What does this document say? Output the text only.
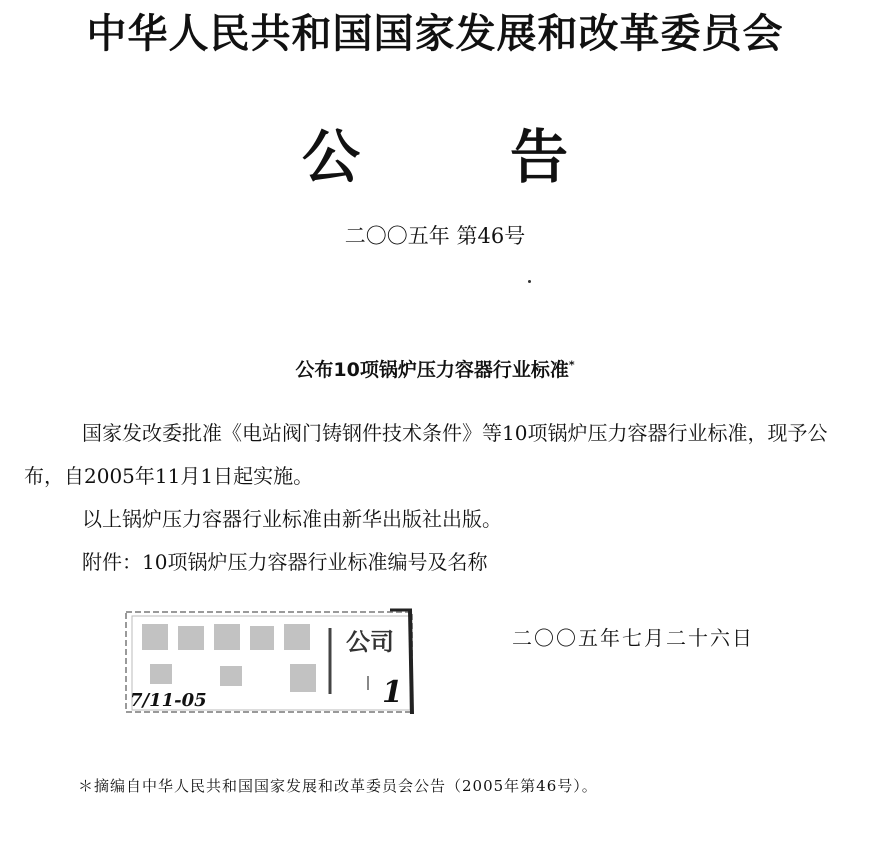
中华人民共和国国家发展和改革委员会
公	告

二〇〇五年 第46号

公布10项锅炉压力容器行业标准*

国家发改委批准《电站阀门铸钢件技术条件》等10项锅炉压力容器行业标准，现予公布，自2005年11月1日起实施。

以上锅炉压力容器行业标准由新华出版社出版。

附件：10项锅炉压力容器行业标准编号及名称

公司
1
7/11-05

二〇〇五年七月二十六日

＊摘编自中华人民共和国国家发展和改革委员会公告（2005年第46号）。
